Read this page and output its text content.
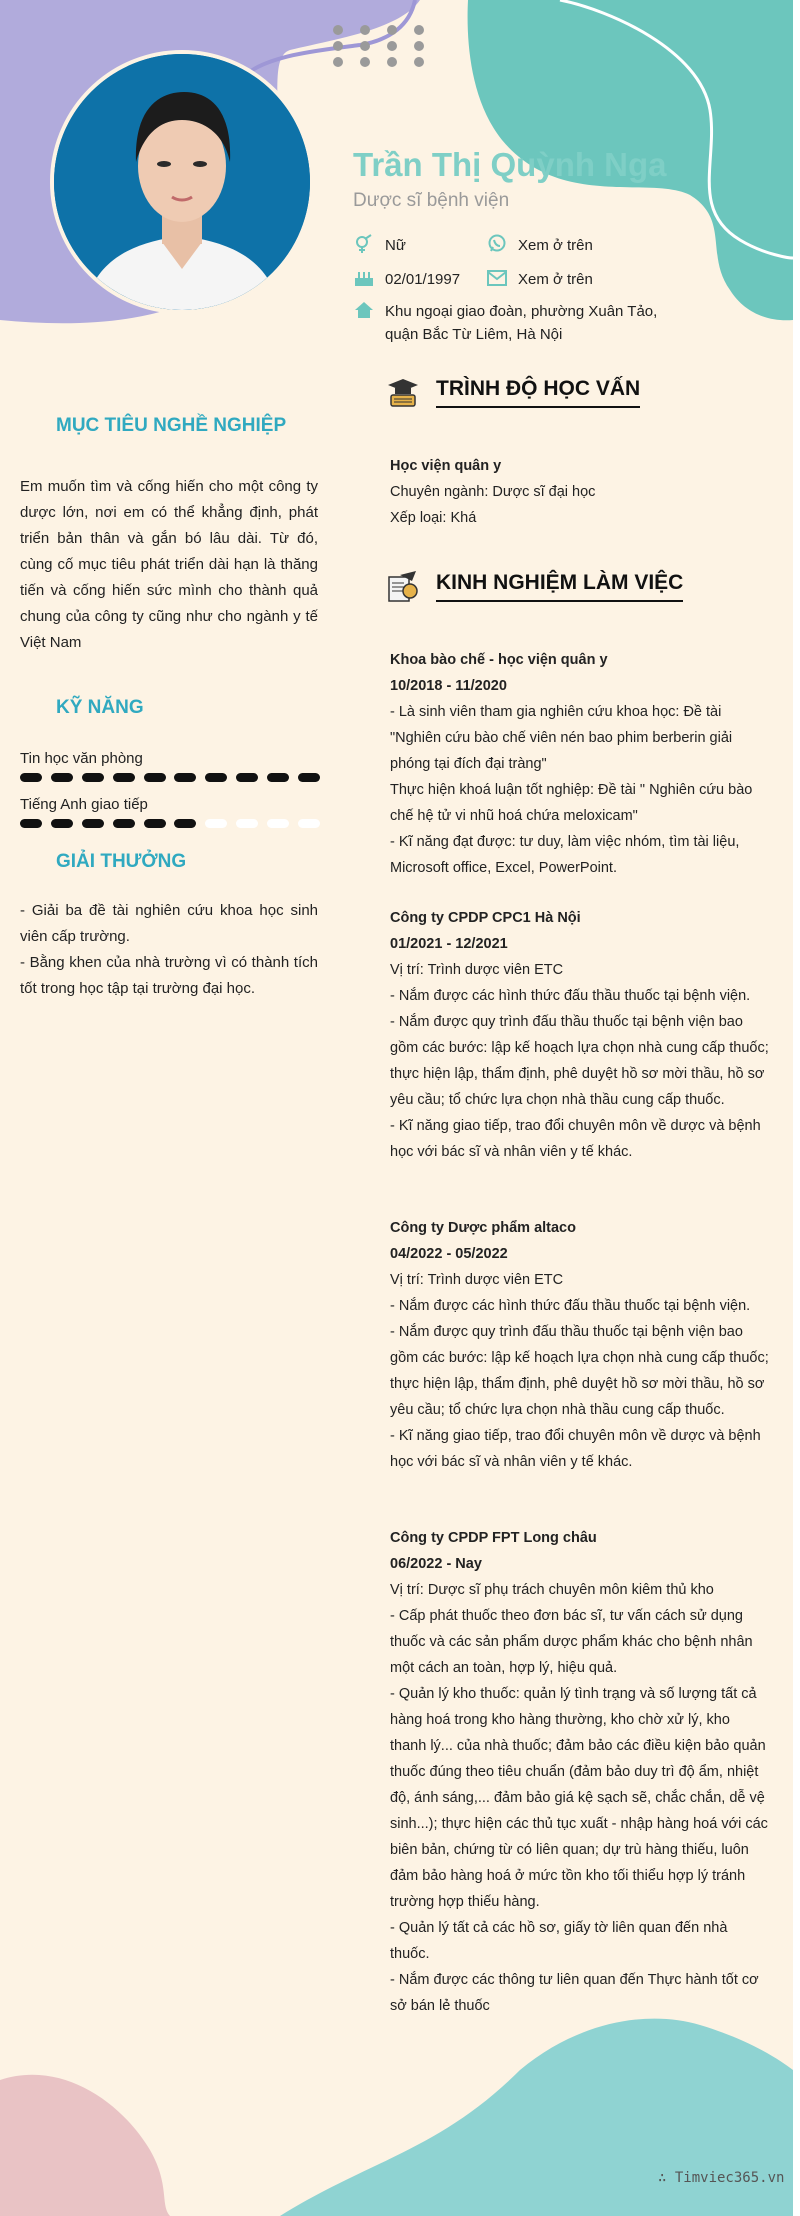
Trần Thị Quỳnh Nga
Dược sĩ bệnh viện
Nữ	Xem ở trên
02/01/1997	Xem ở trên
Khu ngoại giao đoàn, phường Xuân Tảo, quận Bắc Từ Liêm, Hà Nội
MỤC TIÊU NGHỀ NGHIỆP
Em muốn tìm và cống hiến cho một công ty dược lớn, nơi em có thể khẳng định, phát triển bản thân và gắn bó lâu dài. Từ đó, cùng cố mục tiêu phát triển dài hạn là thăng tiến và cống hiến sức mình cho thành quả chung của công ty cũng như cho ngành y tế Việt Nam
KỸ NĂNG
Tin học văn phòng
Tiếng Anh giao tiếp
GIẢI THƯỞNG
- Giải ba đề tài nghiên cứu khoa học sinh viên cấp trường.
- Bằng khen của nhà trường vì có thành tích tốt trong học tập tại trường đại học.
TRÌNH ĐỘ HỌC VẤN
Học viện quân y
Chuyên ngành: Dược sĩ đại học
Xếp loại: Khá
KINH NGHIỆM LÀM VIỆC
Khoa bào chế - học viện quân y
10/2018 - 11/2020
- Là sinh viên tham gia nghiên cứu khoa học: Đề tài "Nghiên cứu bào chế viên nén bao phim berberin giải phóng tại đích đại tràng"
Thực hiện khoá luận tốt nghiệp: Đề tài " Nghiên cứu bào chế hệ tử vi nhũ hoá chứa meloxicam"
- Kĩ năng đạt được: tư duy, làm việc nhóm, tìm tài liệu, Microsoft office, Excel, PowerPoint.
Công ty CPDP CPC1 Hà Nội
01/2021 - 12/2021
Vị trí: Trình dược viên ETC
- Nắm được các hình thức đấu thầu thuốc tại bệnh viện.
- Nắm được quy trình đấu thầu thuốc tại bệnh viện bao gồm các bước: lập kế hoạch lựa chọn nhà cung cấp thuốc; thực hiện lập, thẩm định, phê duyệt hồ sơ mời thầu, hồ sơ yêu cầu; tổ chức lựa chọn nhà thầu cung cấp thuốc.
- Kĩ năng giao tiếp, trao đổi chuyên môn về dược và bệnh học với bác sĩ và nhân viên y tế khác.
Công ty Dược phẩm altaco
04/2022 - 05/2022
Vị trí: Trình dược viên ETC
- Nắm được các hình thức đấu thầu thuốc tại bệnh viện.
- Nắm được quy trình đấu thầu thuốc tại bệnh viện bao gồm các bước: lập kế hoạch lựa chọn nhà cung cấp thuốc; thực hiện lập, thẩm định, phê duyệt hồ sơ mời thầu, hồ sơ yêu cầu; tổ chức lựa chọn nhà thầu cung cấp thuốc.
- Kĩ năng giao tiếp, trao đổi chuyên môn về dược và bệnh học với bác sĩ và nhân viên y tế khác.
Công ty CPDP FPT Long châu
06/2022 - Nay
Vị trí: Dược sĩ phụ trách chuyên môn kiêm thủ kho
- Cấp phát thuốc theo đơn bác sĩ, tư vấn cách sử dụng thuốc và các sản phẩm dược phẩm khác cho bệnh nhân một cách an toàn, hợp lý, hiệu quả.
- Quản lý kho thuốc: quản lý tình trạng và số lượng tất cả hàng hoá trong kho hàng thường, kho chờ xử lý, kho thanh lý... của nhà thuốc; đảm bảo các điều kiện bảo quản thuốc đúng theo tiêu chuẩn (đảm bảo duy trì độ ẩm, nhiệt độ, ánh sáng,... đảm bảo giá kệ sạch sẽ, chắc chắn, dễ vệ sinh...); thực hiện các thủ tục xuất - nhập hàng hoá với các biên bản, chứng từ có liên quan; dự trù hàng thiếu, luôn đảm bảo hàng hoá ở mức tồn kho tối thiểu hợp lý tránh trường hợp thiếu hàng.
- Quản lý tất cả các hồ sơ, giấy tờ liên quan đến nhà thuốc.
- Nắm được các thông tư liên quan đến Thực hành tốt cơ sở bán lẻ thuốc
∴ Timviec365.vn
